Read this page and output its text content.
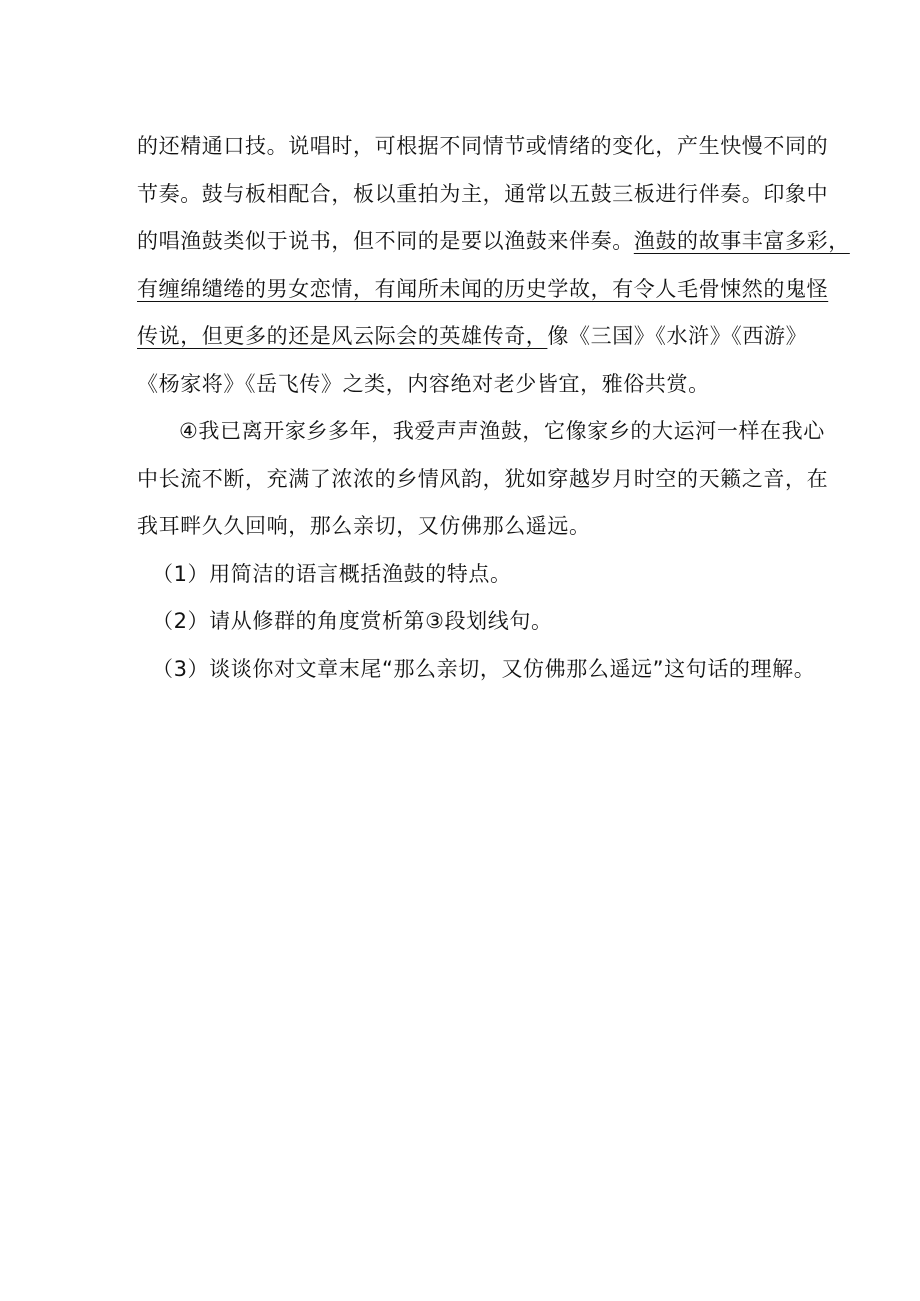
的还精通口技。说唱时，可根据不同情节或情绪的变化，产生快慢不同的
节奏。鼓与板相配合，板以重拍为主，通常以五鼓三板进行伴奏。印象中
的唱渔鼓类似于说书，但不同的是要以渔鼓来伴奏。渔鼓的故事丰富多彩，
有缠绵缱绻的男女恋情，有闻所未闻的历史学故，有令人毛骨悚然的鬼怪
传说，但更多的还是风云际会的英雄传奇，像《三国》《水浒》《西游》
《杨家将》《岳飞传》之类，内容绝对老少皆宜，雅俗共赏。
④我已离开家乡多年，我爱声声渔鼓，它像家乡的大运河一样在我心
中长流不断，充满了浓浓的乡情风韵，犹如穿越岁月时空的天籁之音，在
我耳畔久久回响，那么亲切，又仿佛那么遥远。
（1）用简洁的语言概括渔鼓的特点。
（2）请从修群的角度赏析第③段划线句。
（3）谈谈你对文章末尾“那么亲切，又仿佛那么遥远”这句话的理解。
